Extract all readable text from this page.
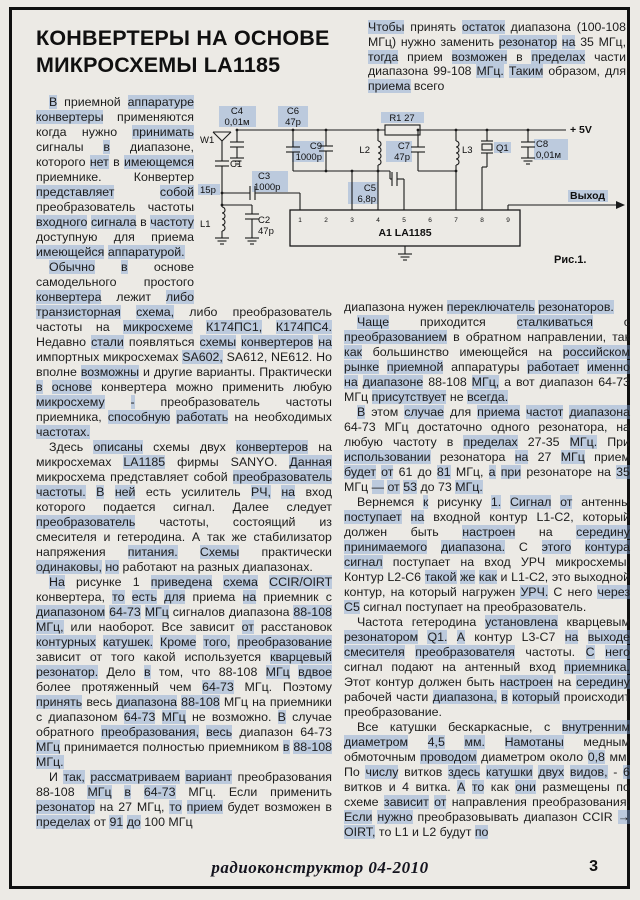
КОНВЕРТЕРЫ НА ОСНОВЕ
МИКРОСХЕМЫ LA1185
Чтобы принять остаток диапазона (100-108 МГц) нужно заменить резонатор на 35 МГц, тогда прием возможен в пределах части диапазона 99-108 МГц. Таким образом, для приема всего

В приемной аппаратуре конвертеры применяются когда нужно принимать сигналы в диапазоне, которого нет в имеющемся приемнике.	Конвертер представляет	собой преобразователь частоты входного сигнала в частоту доступную для приема имеющейся аппаратурой.

Обычно в основе самодельного простого конвертера лежит либо транзисторная схема, либо преобразователь частоты на микросхеме К174ПС1, К174ПС4. Недавно стали появляться схемы конвертеров на импортных микросхемах SA602, SA612, NE612. Но вполне возможны и другие варианты. Практически в основе конвертера можно применить любую микросхему - преобразователь частоты приемника, способную работать на необходимых частотах.

Здесь описаны схемы двух конвертеров на микросхемах LA1185 фирмы SANYO. Данная микросхема представляет собой преобразователь частоты. В ней есть усилитель РЧ, на вход которого подается сигнал. Далее следует преобразователь частоты, состоящий из смесителя и гетеродина. А так же стабилизатор напряжения питания. Схемы практически одинаковы, но работают на разных диапазонах.

На рисунке 1 приведена схема CCIR/OIRT конвертера, то есть для приема на приемник с диапазоном 64-73 МГц сигналов диапазона 88-108 МГц, или наоборот. Все зависит от расстановок контурных катушек. Кроме того, преобразование зависит от того какой используется кварцевый резонатор. Дело в том, что 88-108 МГц вдвое более протяженный чем 64-73 МГц. Поэтому принять весь диапазона 88-108 МГц на приемники с диапазоном 64-73 МГц не возможно. В случае обратного преобразования, весь диапазон 64-73 МГц принимается полностью приемником в 88-108 МГц.

И так, рассматриваем вариант преобразования 88-108 МГц в 64-73 МГц. Если применить резонатор на 27 МГц, то прием будет возможен в пределах от 91 до 100 МГц

диапазона нужен переключатель резонаторов.

Чаще приходится сталкиваться с преобразованием в обратном направлении, так как большинство имеющейся на российском рынке приемной аппаратуры работает именно на диапазоне 88-108 МГц, а вот диапазон 64-73 МГц присутствует не всегда.

В этом случае для приема частот диапазона 64-73 МГц достаточно одного резонатора, на любую частоту в пределах 27-35 МГц. При использовании резонатора на 27 МГц прием будет от 61 до 81 МГц, а при резонаторе на 35 МГц — от 53 до 73 МГц.

Вернемся к рисунку 1. Сигнал от антенны поступает на входной контур L1-C2, который должен быть настроен на середину принимаемого диапазона. С этого контура сигнал поступает на вход УРЧ микросхемы. Контур L2-C6 такой же как и L1-C2, это выходной контур, на который нагружен УРЧ. С него через C5 сигнал поступает на преобразователь.

Частота гетеродина установлена кварцевым резонатором Q1. А контур L3-C7 на выходе смесителя преобразователя частоты. С него сигнал подают на антенный вход приемника. Этот контур должен быть настроен на середину рабочей части диапазона, в который происходит преобразование.

Все катушки бескаркасные, с внутренним диаметром 4,5 мм. Намотаны медным обмоточным проводом диаметром около 0,8 мм. По числу витков здесь катушки двух видов, - 6 витков и 4 витка. А то как они размещены по схеме зависит от направления преобразования. Если нужно преобразовывать диапазон CCIR → OIRT, то L1 и L2 будут по

W1
C1
15p
C3
1000p
L1	C2
47p
C4
0,01м
C6
47p	R1 27
C9
1000p
L2
C5
6,8p
C7
47p
L3 Q1	C8
0,01м
+ 5V
Выход
A1 LA1185
Рис.1.
1	2	3	4	5	6	7	8	9
радиоконструктор 04-2010	3
